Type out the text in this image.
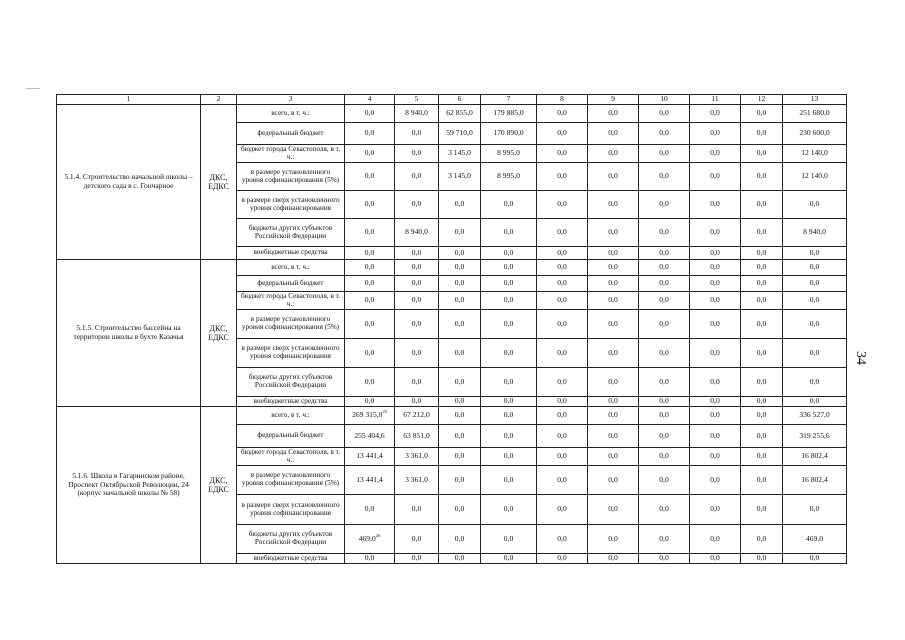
1	2	3	4	5	6	7	8	9	10	11	12	13
5.1.4. Строительство начальной школы – детского сада в с. Гончарное	ДКС, ЕДКС	всего, в т. ч.:	0,0	8 940,0	62 855,0	179 885,0	0,0	0,0	0,0	0,0	0,0	251 680,0
		федеральный бюджет	0,0	0,0	59 710,0	170 890,0	0,0	0,0	0,0	0,0	0,0	230 600,0
		бюджет города Севастополя, в т. ч.:	0,0	0,0	3 145,0	8 995,0	0,0	0,0	0,0	0,0	0,0	12 140,0
		в размере установленного уровня софинансирования (5%)	0,0	0,0	3 145,0	8 995,0	0,0	0,0	0,0	0,0	0,0	12 140,0
		в размере сверх установленного уровня софинансирования	0,0	0,0	0,0	0,0	0,0	0,0	0,0	0,0	0,0	0,0
		бюджеты других субъектов Российской Федерации	0,0	8 940,0	0,0	0,0	0,0	0,0	0,0	0,0	0,0	8 940,0
		внебюджетные средства	0,0	0,0	0,0	0,0	0,0	0,0	0,0	0,0	0,0	0,0
5.1.5. Строительство бассейна на территории школы в бухте Казачья	ДКС, ЕДКС	всего, в т. ч.:	0,0	0,0	0,0	0,0	0,0	0,0	0,0	0,0	0,0	0,0
		федеральный бюджет	0,0	0,0	0,0	0,0	0,0	0,0	0,0	0,0	0,0	0,0
		бюджет города Севастополя, в т. ч.:	0,0	0,0	0,0	0,0	0,0	0,0	0,0	0,0	0,0	0,0
		в размере установленного уровня софинансирования (5%)	0,0	0,0	0,0	0,0	0,0	0,0	0,0	0,0	0,0	0,0
		в размере сверх установленного уровня софинансирования	0,0	0,0	0,0	0,0	0,0	0,0	0,0	0,0	0,0	0,0
		бюджеты других субъектов Российской Федерации	0,0	0,0	0,0	0,0	0,0	0,0	0,0	0,0	0,0	0,0
		внебюджетные средства	0,0	0,0	0,0	0,0	0,0	0,0	0,0	0,0	0,0	0,0
5.1.6. Школа в Гагаринском районе, Проспект Октябрьской Революции, 24 (корпус начальной школы № 58)	ДКС, ЕДКС	всего, в т. ч.:	269 315,0$^{25}$	67 212,0	0,0	0,0	0,0	0,0	0,0	0,0	0,0	336 527,0
		федеральный бюджет	255 404,6	63 851,0	0,0	0,0	0,0	0,0	0,0	0,0	0,0	319 255,6
		бюджет города Севастополя, в т. ч.:	13 441,4	3 361,0	0,0	0,0	0,0	0,0	0,0	0,0	0,0	16 802,4
		в размере установленного уровня софинансирования (5%)	13 441,4	3 361,0	0,0	0,0	0,0	0,0	0,0	0,0	0,0	16 802,4
		в размере сверх установленного уровня софинансирования	0,0	0,0	0,0	0,0	0,0	0,0	0,0	0,0	0,0	0,0
		бюджеты других субъектов Российской Федерации	469,0$^{26}$	0,0	0,0	0,0	0,0	0,0	0,0	0,0	0,0	469,0
		внебюджетные средства	0,0	0,0	0,0	0,0	0,0	0,0	0,0	0,0	0,0	0,0
34
